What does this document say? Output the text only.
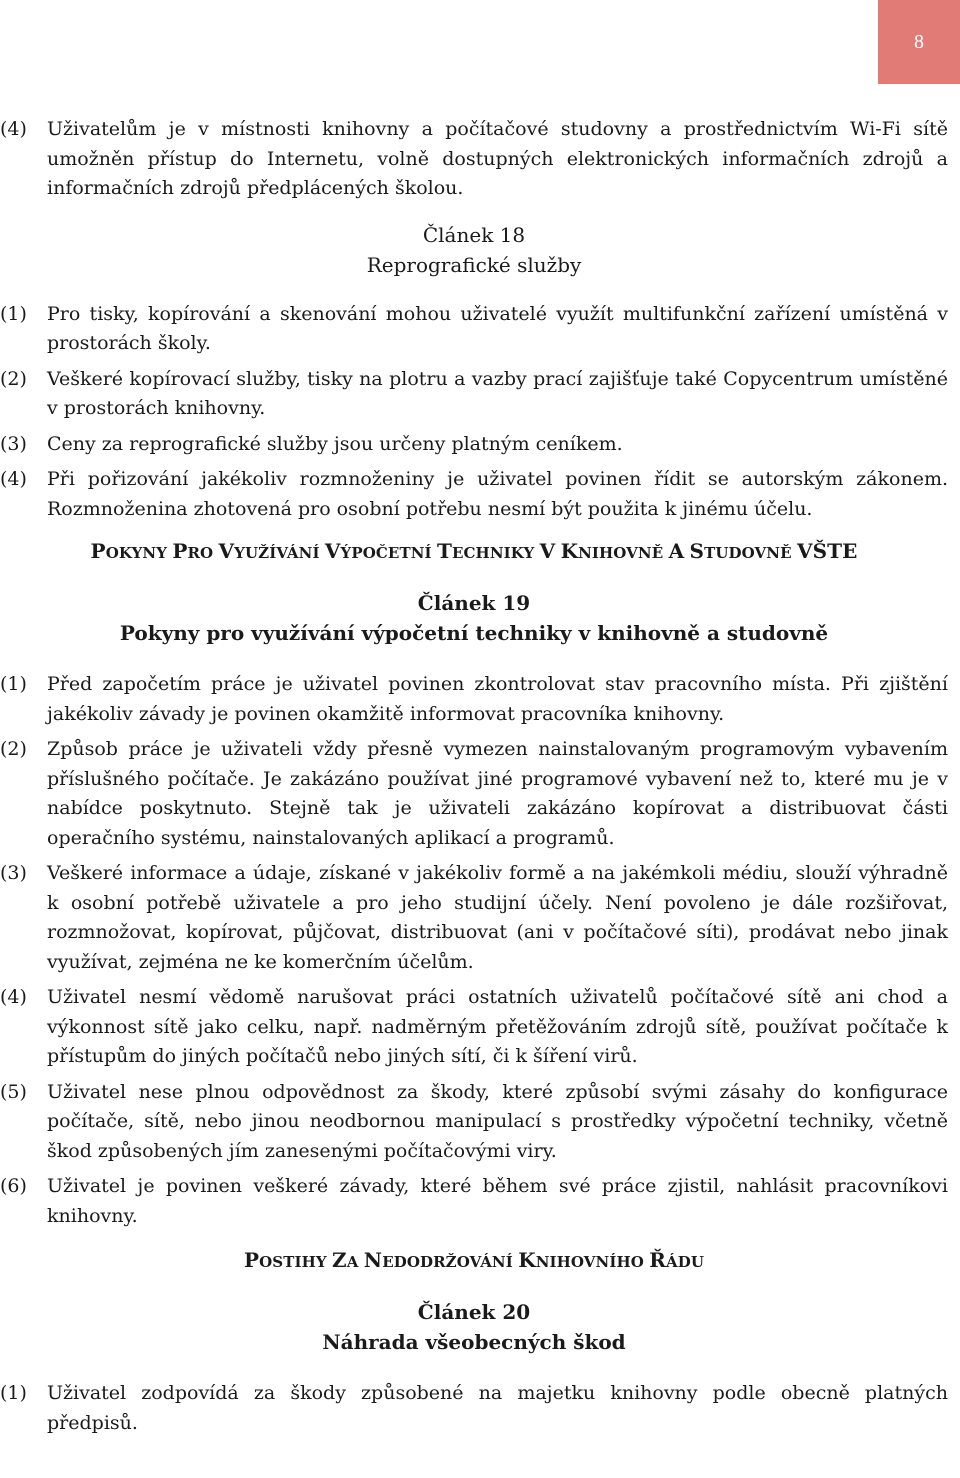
8
(4)	Uživatelům je v místnosti knihovny a počítačové studovny a prostřednictvím Wi-Fi sítě umožněn přístup do Internetu, volně dostupných elektronických informačních zdrojů a informačních zdrojů předplácených školou.
Článek 18
Reprografické služby
(1)	Pro tisky, kopírování a skenování mohou uživatelé využít multifunkční zařízení umístěná v prostorách školy.
(2)	Veškeré kopírovací služby, tisky na plotru a vazby prací zajišťuje také Copycentrum umístěné v prostorách knihovny.
(3)	Ceny za reprografické služby jsou určeny platným ceníkem.
(4)	Při pořizování jakékoliv rozmnoženiny je uživatel povinen řídit se autorským zákonem. Rozmnoženina zhotovená pro osobní potřebu nesmí být použita k jinému účelu.
POKYNY PRO VYUŽÍVÁNÍ VÝPOČETNÍ TECHNIKY V KNIHOVNĚ A STUDOVNĚ VŠTE
Článek 19
Pokyny pro využívání výpočetní techniky v knihovně a studovně
(1)	Před započetím práce je uživatel povinen zkontrolovat stav pracovního místa. Při zjištění jakékoliv závady je povinen okamžitě informovat pracovníka knihovny.
(2)	Způsob práce je uživateli vždy přesně vymezen nainstalovaným programovým vybavením příslušného počítače. Je zakázáno používat jiné programové vybavení než to, které mu je v nabídce poskytnuto. Stejně tak je uživateli zakázáno kopírovat a distribuovat části operačního systému, nainstalovaných aplikací a programů.
(3)	Veškeré informace a údaje, získané v jakékoliv formě a na jakémkoli médiu, slouží výhradně k osobní potřebě uživatele a pro jeho studijní účely. Není povoleno je dále rozšiřovat, rozmnožovat, kopírovat, půjčovat, distribuovat (ani v počítačové síti), prodávat nebo jinak využívat, zejména ne ke komerčním účelům.
(4)	Uživatel nesmí vědomě narušovat práci ostatních uživatelů počítačové sítě ani chod a výkonnost sítě jako celku, např. nadměrným přetěžováním zdrojů sítě, používat počítače k přístupům do jiných počítačů nebo jiných sítí, či k šíření virů.
(5)	Uživatel nese plnou odpovědnost za škody, které způsobí svými zásahy do konfigurace počítače, sítě, nebo jinou neodbornou manipulací s prostředky výpočetní techniky, včetně škod způsobených jím zanesenými počítačovými viry.
(6)	Uživatel je povinen veškeré závady, které během své práce zjistil, nahlásit pracovníkovi knihovny.
POSTIHY ZA NEDODRŽOVÁNÍ KNIHOVNÍHO ŘÁDU
Článek 20
Náhrada všeobecných škod
(1)	Uživatel zodpovídá za škody způsobené na majetku knihovny podle obecně platných předpisů.
